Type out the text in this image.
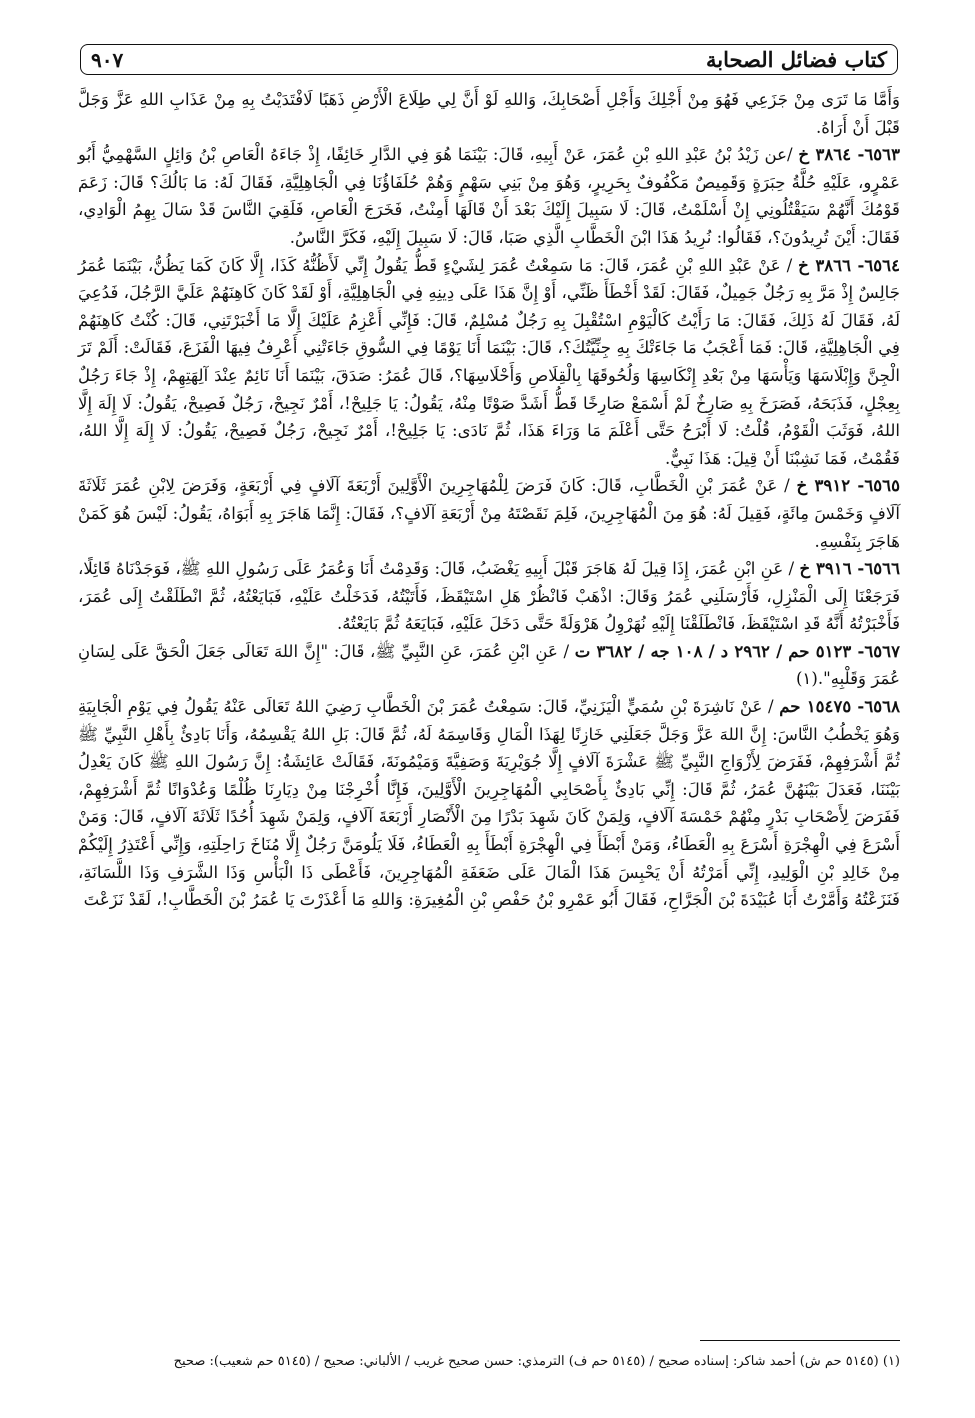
كتاب فضائل الصحابة
٩٠٧

وَأَمَّا مَا تَرَى مِنْ جَزَعِي فَهُوَ مِنْ أَجْلِكَ وَأَجْلِ أَصْحَابِكَ، وَاللهِ لَوْ أَنَّ لِي طِلَاعَ الْأَرْضِ ذَهَبًا لَافْتَدَيْتُ بِهِ مِنْ عَذَابِ اللهِ عَزَّ وَجَلَّ قَبْلَ أَنْ أَرَاهُ.

٦٥٦٣- ٣٨٦٤ خ /عن زَيْدُ بْنُ عَبْدِ اللهِ بْنِ عُمَرَ، عَنْ أَبِيهِ، قَالَ: بَيْنَمَا هُوَ فِي الدَّارِ خَائِفًا، إِذْ جَاءَهُ الْعَاصِ بْنُ وَائِلٍ السَّهْمِيُّ أَبُو عَمْرٍو، عَلَيْهِ حُلَّةُ حِبَرَةٍ وَقَمِيصٌ مَكْفُوفٌ بِحَرِيرٍ، وَهُوَ مِنْ بَنِي سَهْمٍ وَهُمْ حُلَفَاؤُنَا فِي الْجَاهِلِيَّةِ، فَقَالَ لَهُ: مَا بَالُكَ؟ قَالَ: زَعَمَ قَوْمُكَ أَنَّهُمْ سَيَقْتُلُونِي إِنْ أَسْلَمْتُ، قَالَ: لَا سَبِيلَ إِلَيْكَ بَعْدَ أَنْ قَالَهَا أَمِنْتُ، فَخَرَجَ الْعَاصِ، فَلَقِيَ النَّاسَ قَدْ سَالَ بِهِمُ الْوَادِي، فَقَالَ: أَيْنَ تُرِيدُونَ؟، فَقَالُوا: نُرِيدُ هَذَا ابْنَ الْخَطَّابِ الَّذِي صَبَا، قَالَ: لَا سَبِيلَ إِلَيْهِ، فَكَرَّ النَّاسُ.

٦٥٦٤- ٣٨٦٦ خ / عَنْ عَبْدِ اللهِ بْنِ عُمَرَ، قَالَ: مَا سَمِعْتُ عُمَرَ لِشَيْءٍ قَطُّ يَقُولُ إِنِّي لَأَظُنُّهُ كَذَا، إِلَّا كَانَ كَمَا يَظُنُّ، بَيْنَمَا عُمَرُ جَالِسٌ إِذْ مَرَّ بِهِ رَجُلٌ جَمِيلٌ، فَقَالَ: لَقَدْ أَخْطَأَ ظَنِّي، أَوْ إِنَّ هَذَا عَلَى دِينِهِ فِي الْجَاهِلِيَّةِ، أَوْ لَقَدْ كَانَ كَاهِنَهُمْ عَلَيَّ الرَّجُلَ، فَدُعِيَ لَهُ، فَقَالَ لَهُ ذَلِكَ، فَقَالَ: مَا رَأَيْتُ كَالْيَوْمِ اسْتُقْبِلَ بِهِ رَجُلٌ مُسْلِمٌ، قَالَ: فَإِنِّي أَعْزِمُ عَلَيْكَ إِلَّا مَا أَخْبَرْتَنِي، قَالَ: كُنْتُ كَاهِنَهُمْ فِي الْجَاهِلِيَّةِ، قَالَ: فَمَا أَعْجَبُ مَا جَاءَتْكَ بِهِ جِنِّيَّتُكَ؟، قَالَ: بَيْنَمَا أَنَا يَوْمًا فِي السُّوقِ جَاءَتْنِي أَعْرِفُ فِيهَا الْفَزَعَ، فَقَالَتْ: أَلَمْ تَرَ الْجِنَّ وَإِبْلَاسَهَا وَيَأْسَهَا مِنْ بَعْدِ إِنْكَاسِهَا وَلُحُوقَهَا بِالْقِلَاصِ وَأَحْلَاسِهَا؟، قَالَ عُمَرُ: صَدَقَ، بَيْنَمَا أَنَا نَائِمٌ عِنْدَ آلِهَتِهِمْ، إِذْ جَاءَ رَجُلٌ بِعِجْلٍ، فَذَبَحَهُ، فَصَرَخَ بِهِ صَارِخٌ لَمْ أَسْمَعْ صَارِخًا قَطُّ أَشَدَّ صَوْتًا مِنْهُ، يَقُولُ: يَا جَلِيحْ!، أَمْرٌ نَجِيحْ، رَجُلٌ فَصِيحْ، يَقُولُ: لَا إِلَهَ إِلَّا اللهُ، فَوَثَبَ الْقَوْمُ، قُلْتُ: لَا أَبْرَحُ حَتَّى أَعْلَمَ مَا وَرَاءَ هَذَا، ثُمَّ نَادَى: يَا جَلِيحْ!، أَمْرٌ نَجِيحْ، رَجُلٌ فَصِيحْ، يَقُولُ: لَا إِلَهَ إِلَّا اللهُ، فَقُمْتُ، فَمَا نَشِبْنَا أَنْ قِيلَ: هَذَا نَبِيٌّ.

٦٥٦٥- ٣٩١٢ خ / عَنْ عُمَرَ بْنِ الْخَطَّابِ، قَالَ: كَانَ فَرَضَ لِلْمُهَاجِرِينَ الْأَوَّلِينَ أَرْبَعَةَ آلَافٍ فِي أَرْبَعَةٍ، وَفَرَضَ لِابْنِ عُمَرَ ثَلَاثَةَ آلَافٍ وَخَمْسَ مِائَةٍ، فَقِيلَ لَهُ: هُوَ مِنَ الْمُهَاجِرِينَ، فَلِمَ نَقَصْتَهُ مِنْ أَرْبَعَةِ آلَافٍ؟، فَقَالَ: إِنَّمَا هَاجَرَ بِهِ أَبَوَاهُ، يَقُولُ: لَيْسَ هُوَ كَمَنْ هَاجَرَ بِنَفْسِهِ.

٦٥٦٦- ٣٩١٦ خ / عَنِ ابْنِ عُمَرَ، إِذَا قِيلَ لَهُ هَاجَرَ قَبْلَ أَبِيهِ يَغْضَبُ، قَالَ: وَقَدِمْتُ أَنَا وَعُمَرُ عَلَى رَسُولِ اللهِ ﷺ، فَوَجَدْنَاهُ قَائِلًا، فَرَجَعْنَا إِلَى الْمَنْزِلِ، فَأَرْسَلَنِي عُمَرُ وَقَالَ: اذْهَبْ فَانْظُرْ هَلِ اسْتَيْقَظَ، فَأَتَيْتُهُ، فَدَخَلْتُ عَلَيْهِ، فَبَايَعْتُهُ، ثُمَّ انْطَلَقْتُ إِلَى عُمَرَ، فَأَخْبَرْتُهُ أَنَّهُ قَدِ اسْتَيْقَظَ، فَانْطَلَقْنَا إِلَيْهِ نُهَرْوِلُ هَرْوَلَةً حَتَّى دَخَلَ عَلَيْهِ، فَبَايَعَهُ ثُمَّ بَايَعْتُهُ.

٦٥٦٧- ٥١٢٣ حم / ٢٩٦٢ د / ١٠٨ جه / ٣٦٨٢ ت / عَنِ ابْنِ عُمَرَ، عَنِ النَّبِيِّ ﷺ، قَالَ: "إِنَّ اللهَ تَعَالَى جَعَلَ الْحَقَّ عَلَى لِسَانِ عُمَرَ وَقَلْبِهِ".(١)

٦٥٦٨- ١٥٤٧٥ حم / عَنْ نَاشِرَةَ بْنِ سُمَيٍّ الْيَزَنِيِّ، قَالَ: سَمِعْتُ عُمَرَ بْنَ الْخَطَّابِ رَضِيَ اللهُ تَعَالَى عَنْهُ يَقُولُ فِي يَوْمِ الْجَابِيَةِ وَهُوَ يَخْطُبُ النَّاسَ: إِنَّ اللهَ عَزَّ وَجَلَّ جَعَلَنِي خَازِنًا لِهَذَا الْمَالِ وَقَاسِمَهُ لَهُ، ثُمَّ قَالَ: بَلِ اللهُ يَقْسِمُهُ، وَأَنَا بَادِئٌ بِأَهْلِ النَّبِيِّ ﷺ ثُمَّ أَشْرَفِهِمْ، فَفَرَضَ لِأَزْوَاجِ النَّبِيِّ ﷺ عَشْرَةَ آلَافٍ إِلَّا جُوَيْرِيَةَ وَصَفِيَّةَ وَمَيْمُونَةَ، فَقَالَتْ عَائِشَةُ: إِنَّ رَسُولَ اللهِ ﷺ كَانَ يَعْدِلُ بَيْنَنَا، فَعَدَلَ بَيْنَهُنَّ عُمَرُ، ثُمَّ قَالَ: إِنِّي بَادِئٌ بِأَصْحَابِي الْمُهَاجِرِينَ الْأَوَّلِينَ، فَإِنَّا أُخْرِجْنَا مِنْ دِيَارِنَا ظُلْمًا وَعُدْوَانًا ثُمَّ أَشْرَفِهِمْ، فَفَرَضَ لِأَصْحَابِ بَدْرٍ مِنْهُمْ خَمْسَةَ آلَافٍ، وَلِمَنْ كَانَ شَهِدَ بَدْرًا مِنَ الْأَنْصَارِ أَرْبَعَةَ آلَافٍ، وَلِمَنْ شَهِدَ أُحُدًا ثَلَاثَةَ آلَافٍ، قَالَ: وَمَنْ أَسْرَعَ فِي الْهِجْرَةِ أَسْرَعَ بِهِ الْعَطَاءُ، وَمَنْ أَبْطَأَ فِي الْهِجْرَةِ أَبْطَأَ بِهِ الْعَطَاءُ، فَلَا يَلُومَنَّ رَجُلٌ إِلَّا مُنَاخَ رَاحِلَتِهِ، وَإِنِّي أَعْتَذِرُ إِلَيْكُمْ مِنْ خَالِدِ بْنِ الْوَلِيدِ، إِنِّي أَمَرْتُهُ أَنْ يَحْبِسَ هَذَا الْمَالَ عَلَى ضَعَفَةِ الْمُهَاجِرِينَ، فَأَعْطَى ذَا الْبَأْسِ وَذَا الشَّرَفِ وَذَا اللَّسَانَةِ، فَنَزَعْتُهُ وَأَمَّرْتُ أَبَا عُبَيْدَةَ بْنَ الْجَرَّاحِ، فَقَالَ أَبُو عَمْرِو بْنُ حَفْصِ بْنِ الْمُغِيرَةِ: وَاللهِ مَا أَعْذَرْتَ يَا عُمَرُ بْنَ الْخَطَّابِ!، لَقَدْ نَزَعْتَ

(١) (٥١٤٥ حم ش) أحمد شاكر: إسناده صحيح / (٥١٤٥ حم ف) الترمذي: حسن صحيح غريب / الألباني: صحيح / (٥١٤٥ حم شعيب): صحيح
